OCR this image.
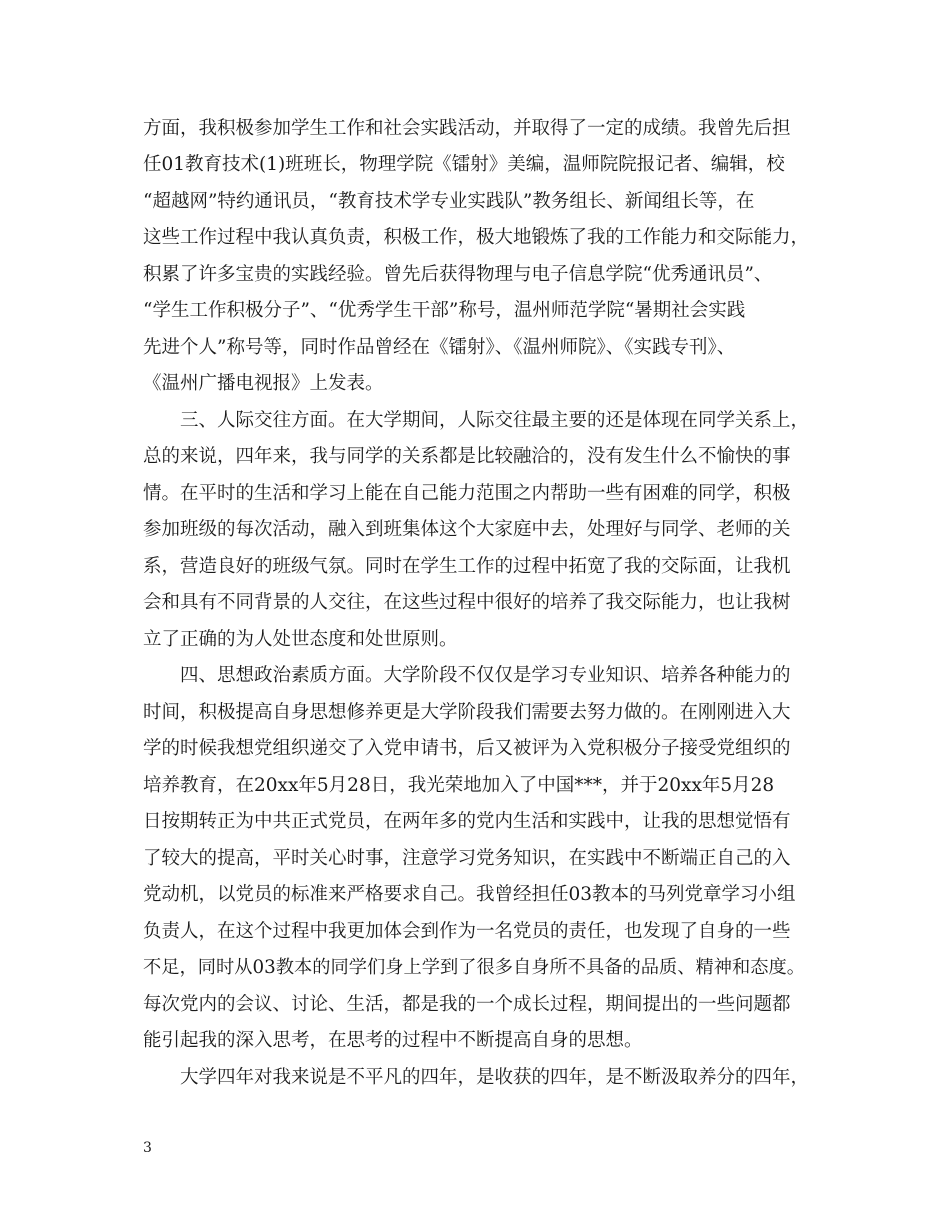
方面，我积极参加学生工作和社会实践活动，并取得了一定的成绩。我曾先后担
任01教育技术(1)班班长，物理学院《镭射》美编，温师院院报记者、编辑，校
“超越网”特约通讯员，“教育技术学专业实践队”教务组长、新闻组长等，在
这些工作过程中我认真负责，积极工作，极大地锻炼了我的工作能力和交际能力，
积累了许多宝贵的实践经验。曾先后获得物理与电子信息学院“优秀通讯员”、
“学生工作积极分子”、“优秀学生干部”称号，温州师范学院“暑期社会实践
先进个人”称号等，同时作品曾经在《镭射》、《温州师院》、《实践专刊》、
《温州广播电视报》上发表。
三、人际交往方面。在大学期间，人际交往最主要的还是体现在同学关系上，
总的来说，四年来，我与同学的关系都是比较融洽的，没有发生什么不愉快的事
情。在平时的生活和学习上能在自己能力范围之内帮助一些有困难的同学，积极
参加班级的每次活动，融入到班集体这个大家庭中去，处理好与同学、老师的关
系，营造良好的班级气氛。同时在学生工作的过程中拓宽了我的交际面，让我机
会和具有不同背景的人交往，在这些过程中很好的培养了我交际能力，也让我树
立了正确的为人处世态度和处世原则。
四、思想政治素质方面。大学阶段不仅仅是学习专业知识、培养各种能力的
时间，积极提高自身思想修养更是大学阶段我们需要去努力做的。在刚刚进入大
学的时候我想党组织递交了入党申请书，后又被评为入党积极分子接受党组织的
培养教育，在20xx年5月28日，我光荣地加入了中国***，并于20xx年5月28
日按期转正为中共正式党员，在两年多的党内生活和实践中，让我的思想觉悟有
了较大的提高，平时关心时事，注意学习党务知识，在实践中不断端正自己的入
党动机，以党员的标准来严格要求自己。我曾经担任03教本的马列党章学习小组
负责人，在这个过程中我更加体会到作为一名党员的责任，也发现了自身的一些
不足，同时从03教本的同学们身上学到了很多自身所不具备的品质、精神和态度。
每次党内的会议、讨论、生活，都是我的一个成长过程，期间提出的一些问题都
能引起我的深入思考，在思考的过程中不断提高自身的思想。
大学四年对我来说是不平凡的四年，是收获的四年，是不断汲取养分的四年，
3
